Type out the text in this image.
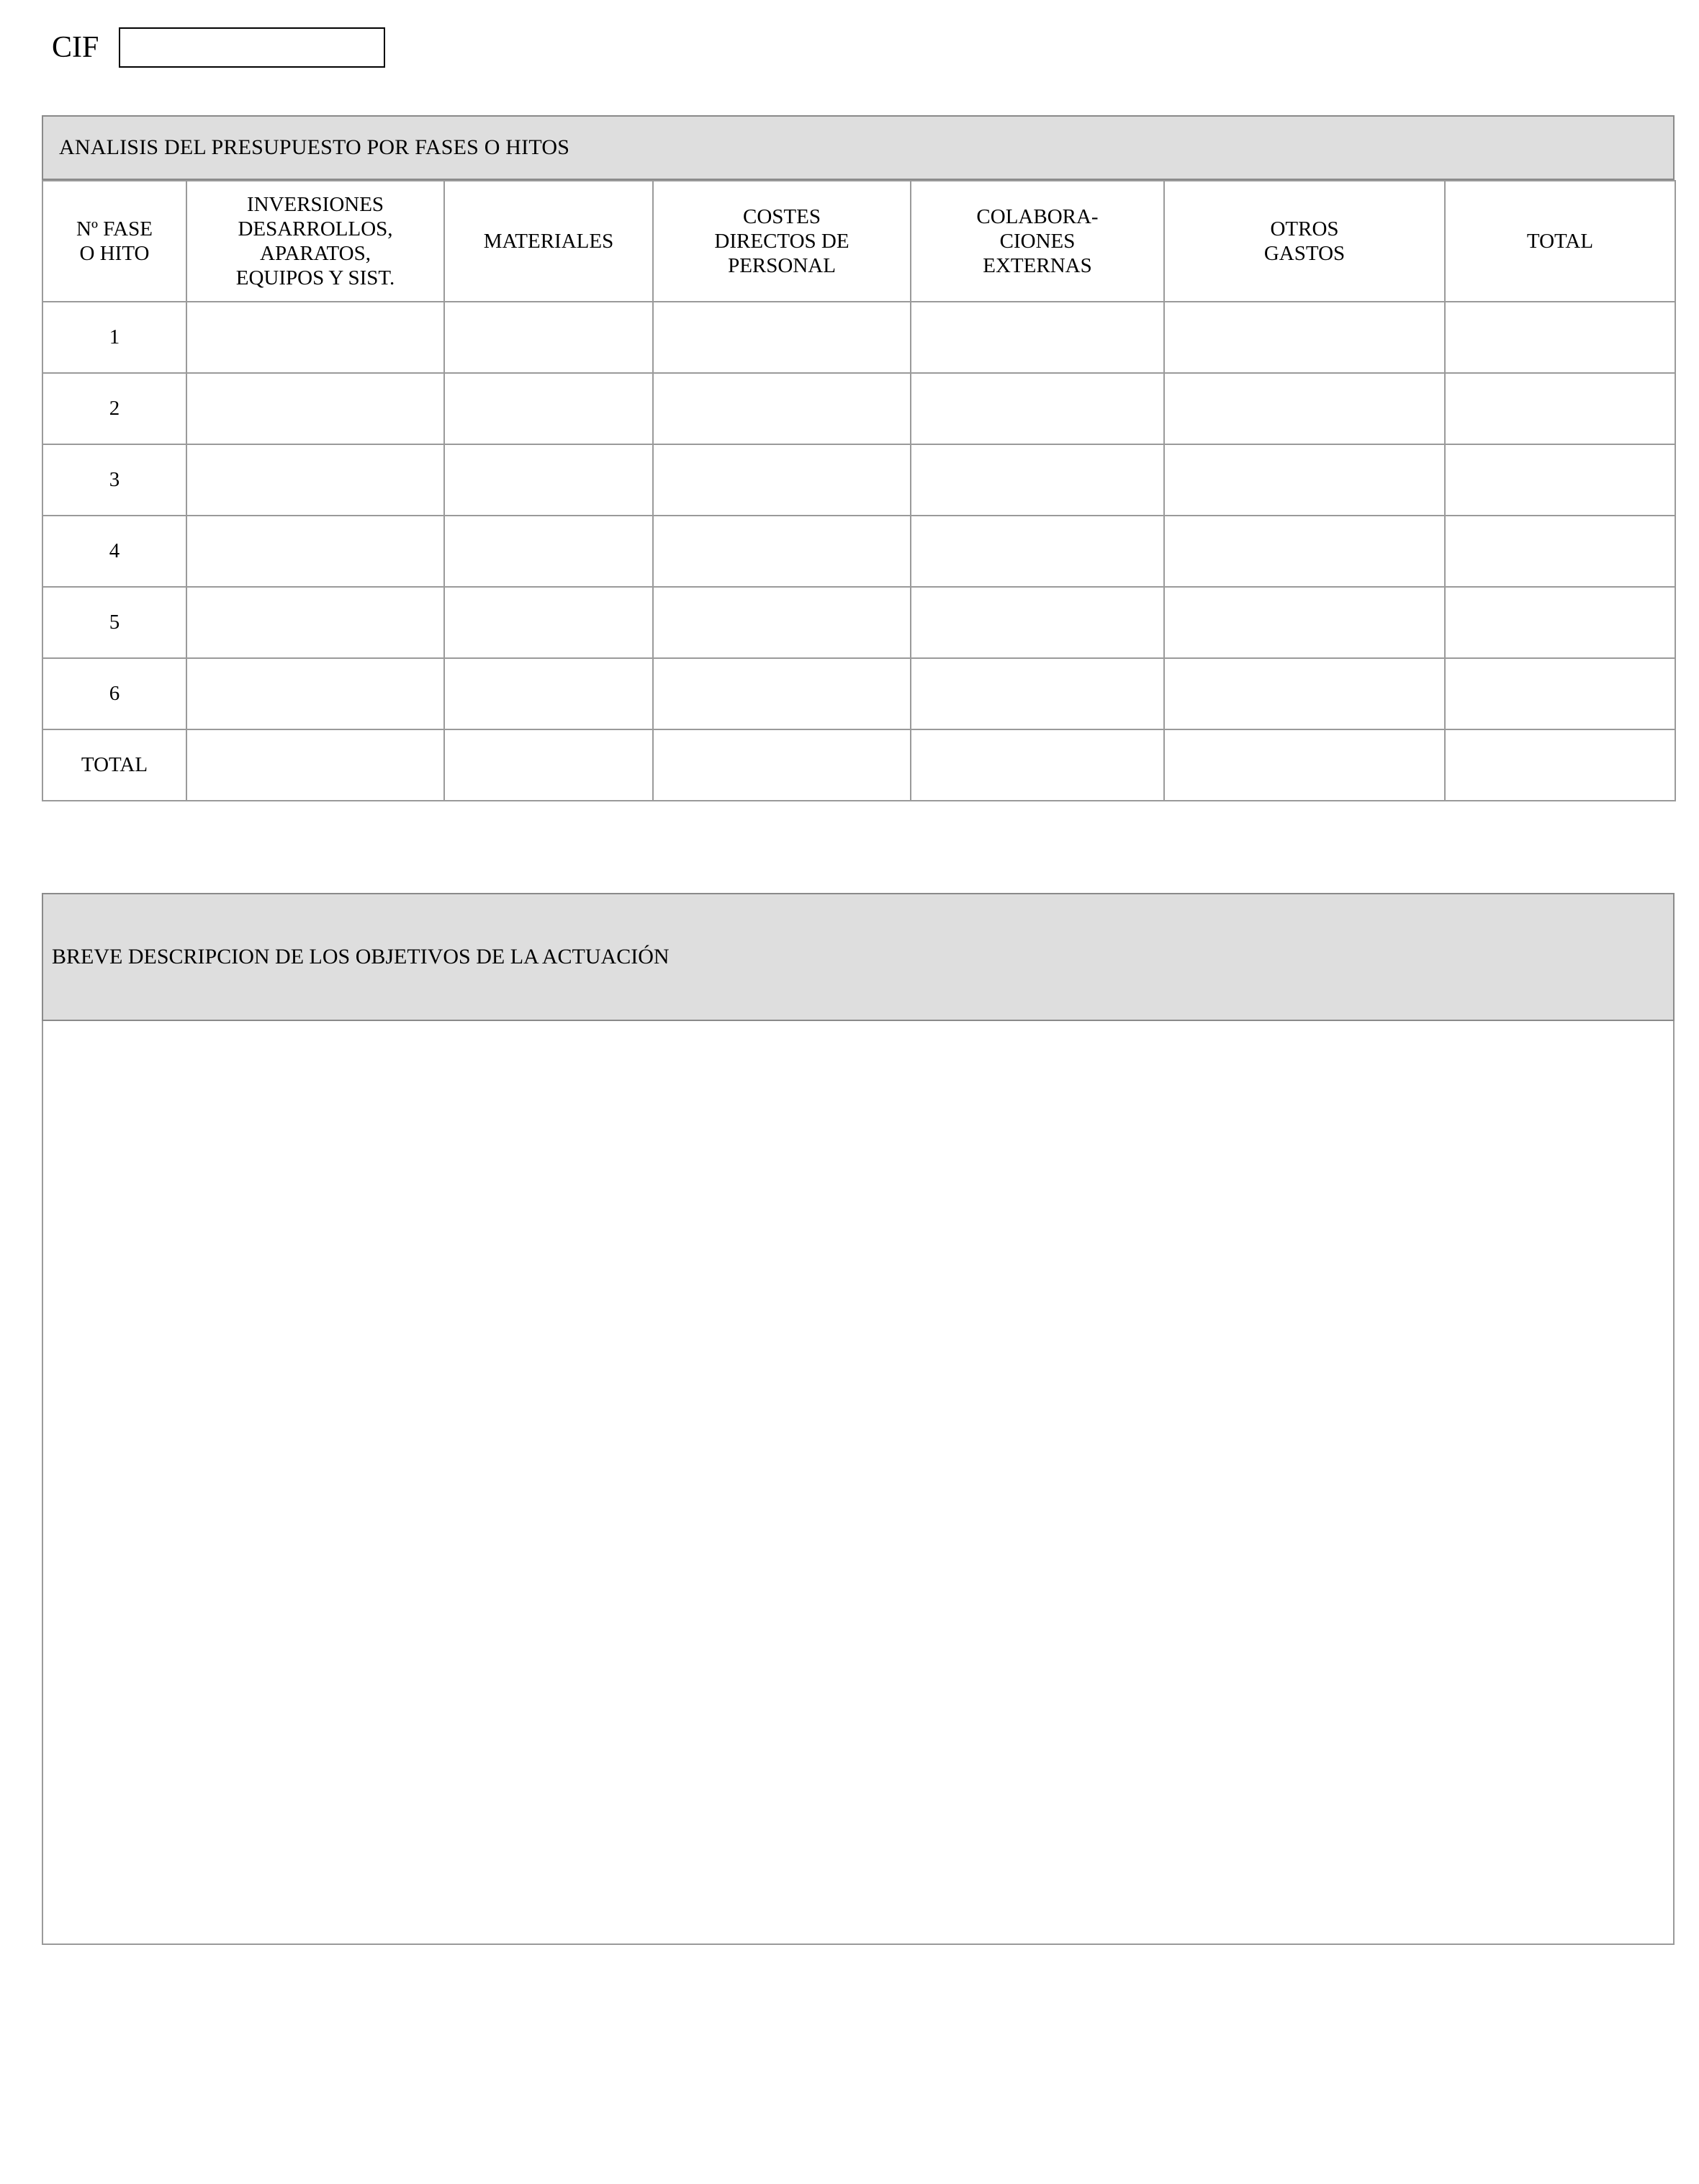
CIF
ANALISIS DEL PRESUPUESTO POR FASES O HITOS
Nº FASE
O HITO	INVERSIONES
DESARROLLOS,
APARATOS,
EQUIPOS Y SIST.	MATERIALES	COSTES
DIRECTOS DE
PERSONAL	COLABORA-
CIONES
EXTERNAS	OTROS
GASTOS	TOTAL
1						
2						
3						
4						
5						
6						
TOTAL						
BREVE DESCRIPCION DE LOS OBJETIVOS DE LA ACTUACIÓN
